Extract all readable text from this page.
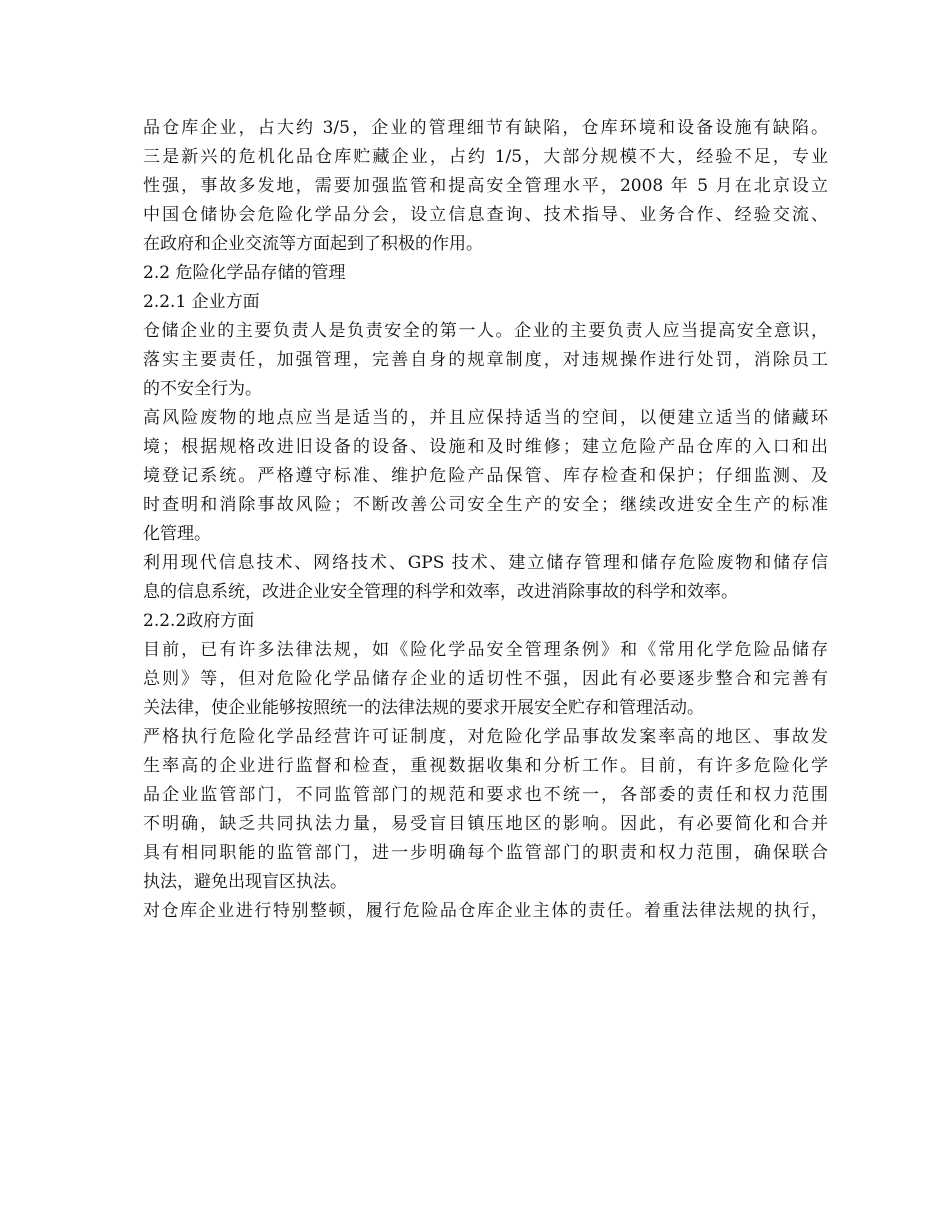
品仓库企业，占大约 3/5，企业的管理细节有缺陷，仓库环境和设备设施有缺陷。
三是新兴的危机化品仓库贮藏企业，占约 1/5，大部分规模不大，经验不足，专业
性强，事故多发地，需要加强监管和提高安全管理水平，2008 年 5 月在北京设立
中国仓储协会危险化学品分会，设立信息查询、技术指导、业务合作、经验交流、
在政府和企业交流等方面起到了积极的作用。
2.2 危险化学品存储的管理
2.2.1 企业方面
仓储企业的主要负责人是负责安全的第一人。企业的主要负责人应当提高安全意识，
落实主要责任，加强管理，完善自身的规章制度，对违规操作进行处罚，消除员工
的不安全行为。
高风险废物的地点应当是适当的，并且应保持适当的空间，以便建立适当的储藏环
境；根据规格改进旧设备的设备、设施和及时维修；建立危险产品仓库的入口和出
境登记系统。严格遵守标准、维护危险产品保管、库存检查和保护；仔细监测、及
时查明和消除事故风险；不断改善公司安全生产的安全；继续改进安全生产的标准
化管理。
利用现代信息技术、网络技术、GPS 技术、建立储存管理和储存危险废物和储存信
息的信息系统，改进企业安全管理的科学和效率，改进消除事故的科学和效率。
2.2.2政府方面
目前，已有许多法律法规，如《险化学品安全管理条例》和《常用化学危险品储存
总则》等，但对危险化学品储存企业的适切性不强，因此有必要逐步整合和完善有
关法律，使企业能够按照统一的法律法规的要求开展安全贮存和管理活动。
严格执行危险化学品经营许可证制度，对危险化学品事故发案率高的地区、事故发
生率高的企业进行监督和检查，重视数据收集和分析工作。目前，有许多危险化学
品企业监管部门，不同监管部门的规范和要求也不统一，各部委的责任和权力范围
不明确，缺乏共同执法力量，易受盲目镇压地区的影响。因此，有必要简化和合并
具有相同职能的监管部门，进一步明确每个监管部门的职责和权力范围，确保联合
执法，避免出现盲区执法。
对仓库企业进行特别整顿，履行危险品仓库企业主体的责任。着重法律法规的执行，
